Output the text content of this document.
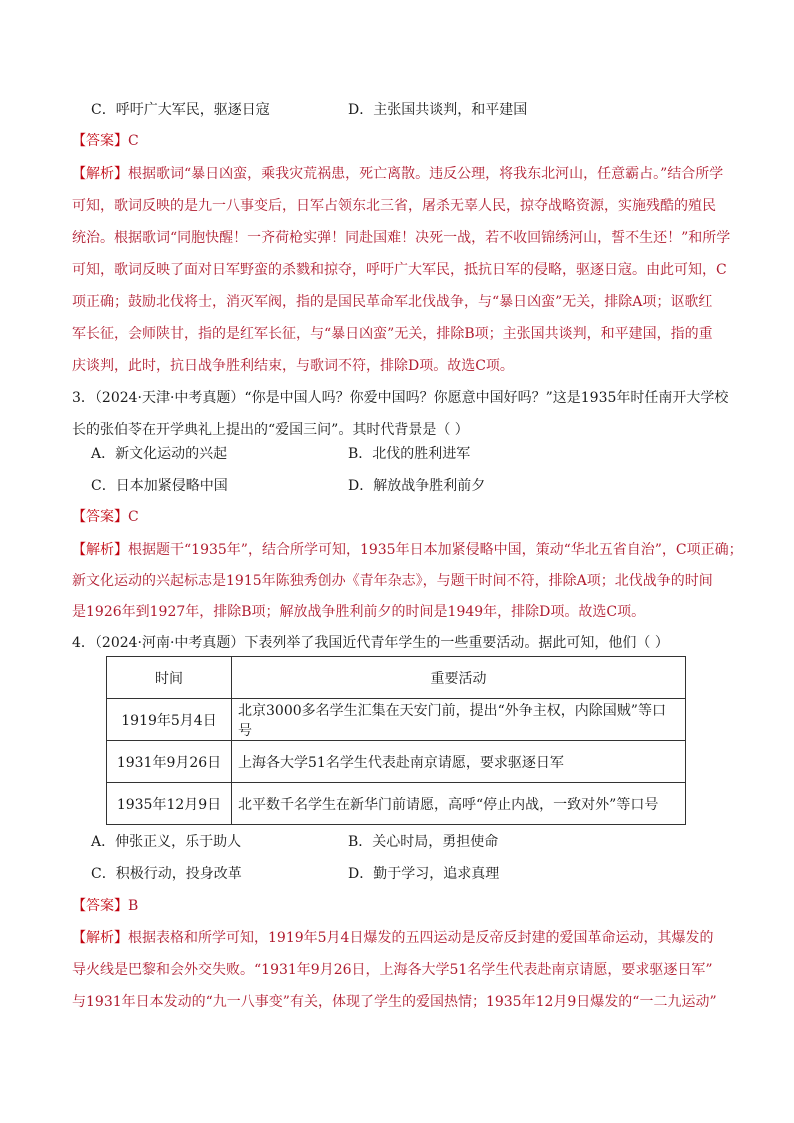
C．呼吁广大军民，驱逐日寇	D．主张国共谈判，和平建国
【答案】C
【解析】根据歌词“暴日凶蛮，乘我灾荒祸患，死亡离散。违反公理，将我东北河山，任意霸占。”结合所学
可知，歌词反映的是九一八事变后，日军占领东北三省，屠杀无辜人民，掠夺战略资源，实施残酷的殖民
统治。根据歌词“同胞快醒！一齐荷枪实弹！同赴国难！决死一战，若不收回锦绣河山，誓不生还！”和所学
可知，歌词反映了面对日军野蛮的杀戮和掠夺，呼吁广大军民，抵抗日军的侵略，驱逐日寇。由此可知，C
项正确；鼓励北伐将士，消灭军阀，指的是国民革命军北伐战争，与“暴日凶蛮”无关，排除A项；讴歌红
军长征，会师陕甘，指的是红军长征，与“暴日凶蛮”无关，排除B项；主张国共谈判，和平建国，指的重
庆谈判，此时，抗日战争胜利结束，与歌词不符，排除D项。故选C项。
3．（2024·天津·中考真题）“你是中国人吗？你爱中国吗？你愿意中国好吗？”这是1935年时任南开大学校
长的张伯苓在开学典礼上提出的“爱国三问”。其时代背景是（ ）
A．新文化运动的兴起	B．北伐的胜利进军
C．日本加紧侵略中国	D．解放战争胜利前夕
【答案】C
【解析】根据题干“1935年”，结合所学可知，1935年日本加紧侵略中国，策动“华北五省自治”，C项正确；
新文化运动的兴起标志是1915年陈独秀创办《青年杂志》，与题干时间不符，排除A项；北伐战争的时间
是1926年到1927年，排除B项；解放战争胜利前夕的时间是1949年，排除D项。故选C项。
4．（2024·河南·中考真题）下表列举了我国近代青年学生的一些重要活动。据此可知，他们（ ）
时间	重要活动
1919年5月4日	北京3000多名学生汇集在天安门前，提出“外争主权，内除国贼”等口号
1931年9月26日	上海各大学51名学生代表赴南京请愿，要求驱逐日军
1935年12月9日	北平数千名学生在新华门前请愿，高呼“停止内战，一致对外”等口号
A．伸张正义，乐于助人	B．关心时局，勇担使命
C．积极行动，投身改革	D．勤于学习，追求真理
【答案】B
【解析】根据表格和所学可知，1919年5月4日爆发的五四运动是反帝反封建的爱国革命运动，其爆发的
导火线是巴黎和会外交失败。“1931年9月26日，上海各大学51名学生代表赴南京请愿，要求驱逐日军”
与1931年日本发动的“九一八事变”有关，体现了学生的爱国热情；1935年12月9日爆发的“一二九运动”
